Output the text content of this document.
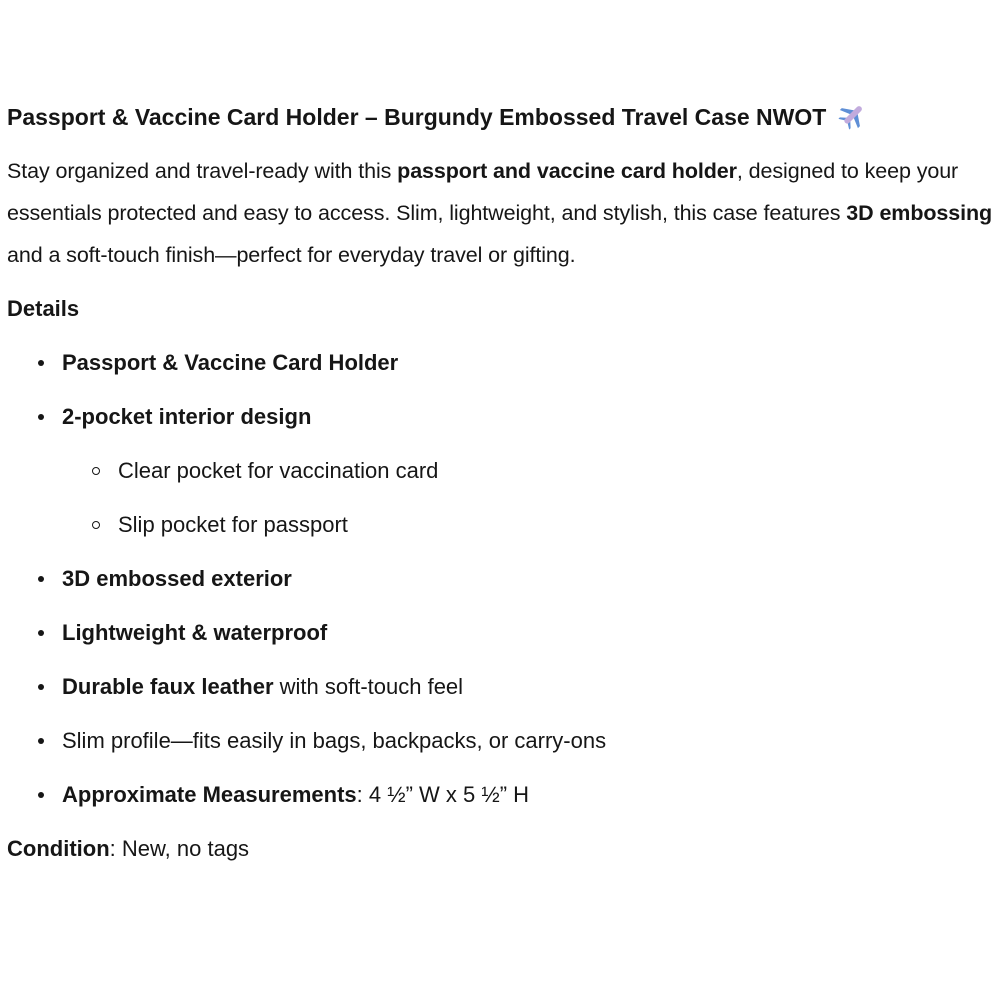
Passport & Vaccine Card Holder – Burgundy Embossed Travel Case NWOT

Stay organized and travel-ready with this passport and vaccine card holder, designed to keep your essentials protected and easy to access. Slim, lightweight, and stylish, this case features 3D embossing and a soft-touch finish—perfect for everyday travel or gifting.

Details

Passport & Vaccine Card Holder
2-pocket interior design
Clear pocket for vaccination card
Slip pocket for passport
3D embossed exterior
Lightweight & waterproof
Durable faux leather with soft-touch feel
Slim profile—fits easily in bags, backpacks, or carry-ons
Approximate Measurements: 4 ½” W x 5 ½” H

Condition: New, no tags
